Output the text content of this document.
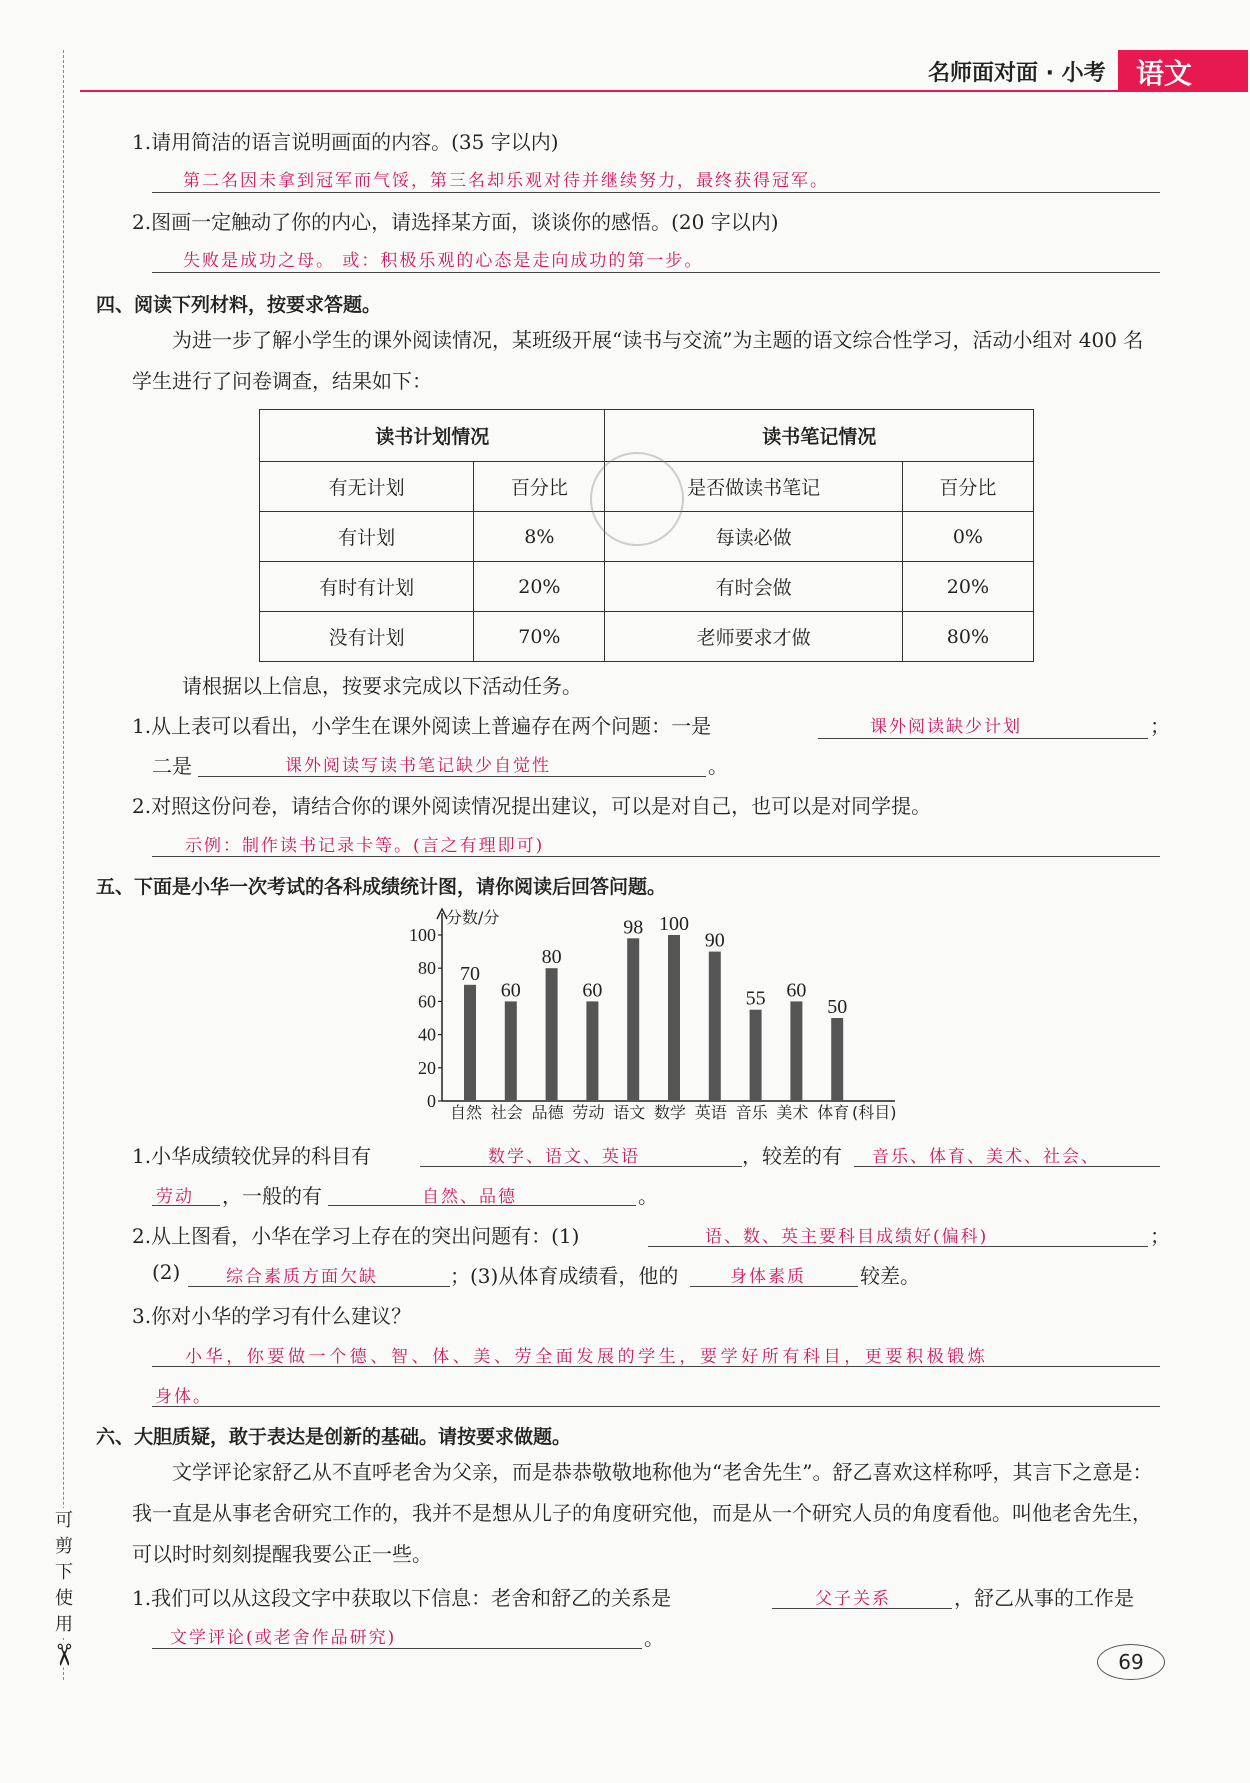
可
剪
下
使
用
✂
名师面对面 · 小考 语文
1.请用简洁的语言说明画面的内容。(35 字以内)
第二名因未拿到冠军而气馁，第三名却乐观对待并继续努力，最终获得冠军。
2.图画一定触动了你的内心，请选择某方面，谈谈你的感悟。(20 字以内)
失败是成功之母。 或：积极乐观的心态是走向成功的第一步。
四、阅读下列材料，按要求答题。
为进一步了解小学生的课外阅读情况，某班级开展“读书与交流”为主题的语文综合性学习，活动小组对 400 名学生进行了问卷调查，结果如下：
读书计划情况		读书笔记情况	
有无计划	百分比	是否做读书笔记	百分比
有计划	8%	每读必做	0%
有时有计划	20%	有时会做	20%
没有计划	70%	老师要求才做	80%
请根据以上信息，按要求完成以下活动任务。
1.从上表可以看出，小学生在课外阅读上普遍存在两个问题：一是	课外阅读缺少计划	；
二是	课外阅读写读书笔记缺少自觉性	。
2.对照这份问卷，请结合你的课外阅读情况提出建议，可以是对自己，也可以是对同学提。
示例：制作读书记录卡等。(言之有理即可)
五、下面是小华一次考试的各科成绩统计图，请你阅读后回答问题。
0
20
40
60
80
100
分数/分
70
自然
60
社会
80
品德
60
劳动
98
语文
100
数学
90
英语
55
音乐
60
美术
50
体育 (科目)
1.小华成绩较优异的科目有	数学、语文、英语	，较差的有 音乐、体育、美术、社会、
劳动 ，一般的有	自然、品德	。
2.从上图看，小华在学习上存在的突出问题有：(1)	语、数、英主要科目成绩好(偏科)	；
(2)	综合素质方面欠缺	；(3)从体育成绩看，他的	身体素质	较差。
3.你对小华的学习有什么建议？
小华，你要做一个德、智、体、美、劳全面发展的学生，要学好所有科目，更要积极锻炼
身体。
六、大胆质疑，敢于表达是创新的基础。请按要求做题。
文学评论家舒乙从不直呼老舍为父亲，而是恭恭敬敬地称他为“老舍先生”。舒乙喜欢这样称呼，其言下之意是：我一直是从事老舍研究工作的，我并不是想从儿子的角度研究他，而是从一个研究人员的角度看他。叫他老舍先生，可以时时刻刻提醒我要公正一些。
1.我们可以从这段文字中获取以下信息：老舍和舒乙的关系是	父子关系	，舒乙从事的工作是
文学评论(或老舍作品研究)	。
69
